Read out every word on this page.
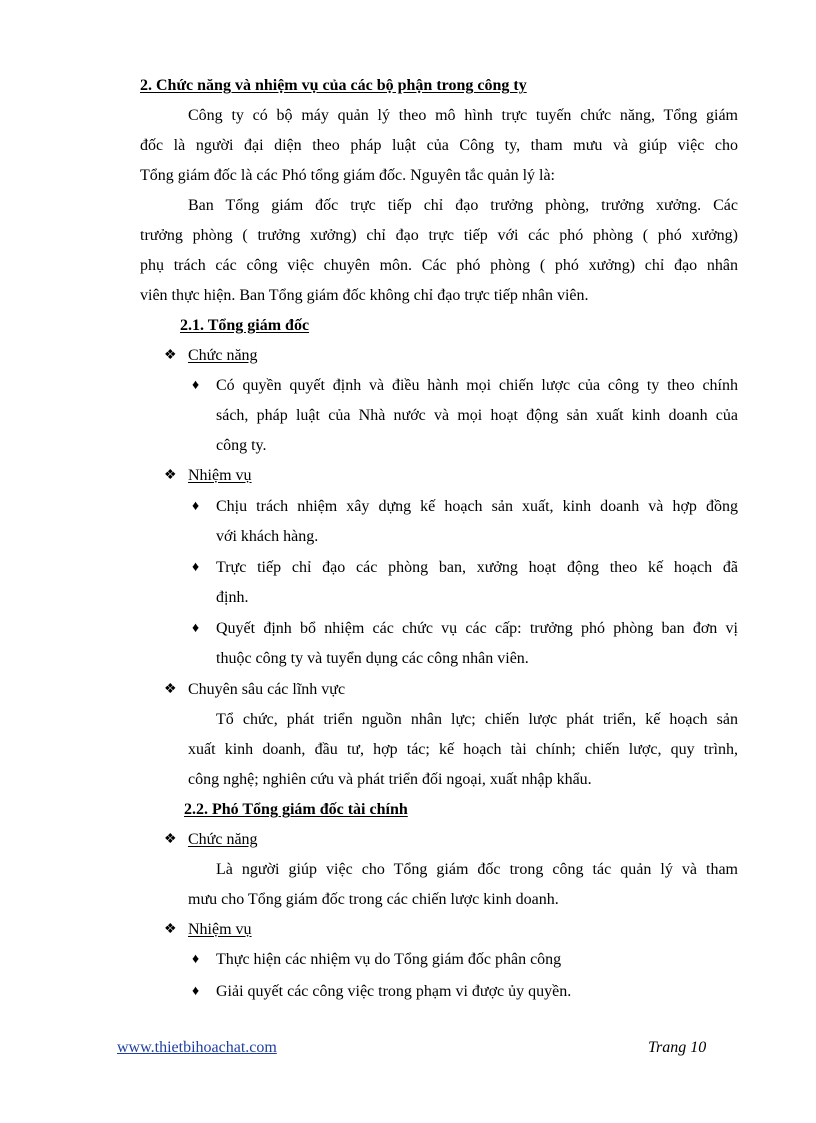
2. Chức năng và nhiệm vụ của các bộ phận trong công ty
Công ty có bộ máy quản lý theo mô hình trực tuyến chức năng, Tổng giám
đốc là người đại diện theo pháp luật của Công ty, tham mưu và giúp việc cho
Tổng giám đốc là các Phó tổng giám đốc. Nguyên tắc quản lý là:
Ban Tổng giám đốc trực tiếp chỉ đạo trưởng phòng, trưởng xưởng. Các
trưởng phòng ( trưởng xưởng) chỉ đạo trực tiếp với các phó phòng ( phó xưởng)
phụ trách các công việc chuyên môn. Các phó phòng ( phó xưởng) chỉ đạo nhân
viên thực hiện. Ban Tổng giám đốc không chỉ đạo trực tiếp nhân viên.
2.1. Tổng giám đốc
❖ Chức năng
♦ Có quyền quyết định và điều hành mọi chiến lược của công ty theo chính
sách, pháp luật của Nhà nước và mọi hoạt động sản xuất kinh doanh của
công ty.
❖ Nhiệm vụ
♦ Chịu trách nhiệm xây dựng kế hoạch sản xuất, kinh doanh và hợp đồng
với khách hàng.
♦ Trực tiếp chỉ đạo các phòng ban, xưởng hoạt động theo kế hoạch đã
định.
♦ Quyết định bổ nhiệm các chức vụ các cấp: trưởng phó phòng ban đơn vị
thuộc công ty và tuyển dụng các công nhân viên.
❖ Chuyên sâu các lĩnh vực
Tổ chức, phát triển nguồn nhân lực; chiến lược phát triển, kế hoạch sản
xuất kinh doanh, đầu tư, hợp tác; kế hoạch tài chính; chiến lược, quy trình,
công nghệ; nghiên cứu và phát triển đối ngoại, xuất nhập khẩu.
2.2. Phó Tổng giám đốc tài chính
❖ Chức năng
Là người giúp việc cho Tổng giám đốc trong công tác quản lý và tham
mưu cho Tổng giám đốc trong các chiến lược kinh doanh.
❖ Nhiệm vụ
♦ Thực hiện các nhiệm vụ do Tổng giám đốc phân công
♦ Giải quyết các công việc trong phạm vi được ủy quyền.
www.thietbihoachat.com	Trang 10
